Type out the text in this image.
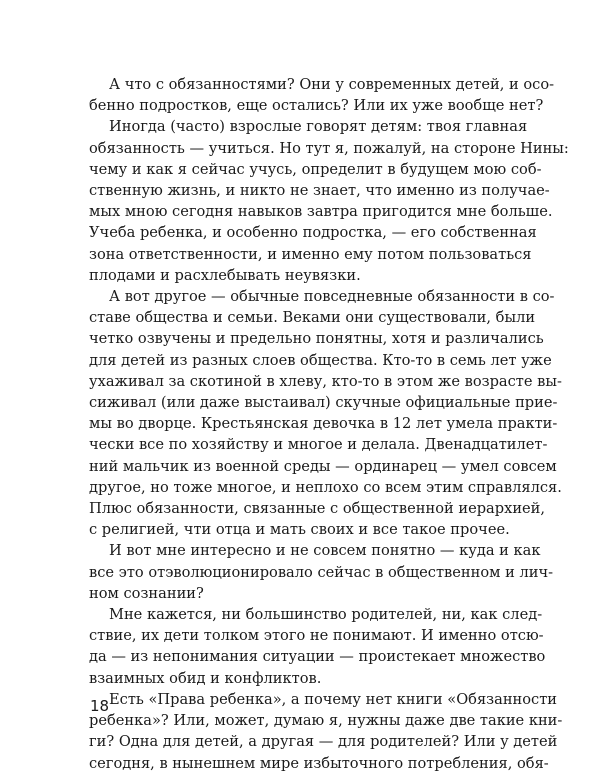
А что с обязанностями? Они у современных детей, и осо-
бенно подростков, еще остались? Или их уже вообще нет?
Иногда (часто) взрослые говорят детям: твоя главная
обязанность — учиться. Но тут я, пожалуй, на стороне Нины:
чему и как я сейчас учусь, определит в будущем мою соб-
ственную жизнь, и никто не знает, что именно из получае-
мых мною сегодня навыков завтра пригодится мне больше.
Учеба ребенка, и особенно подростка, — его собственная
зона ответственности, и именно ему потом пользоваться
плодами и расхлебывать неувязки.
А вот другое — обычные повседневные обязанности в со-
ставе общества и семьи. Веками они существовали, были
четко озвучены и предельно понятны, хотя и различались
для детей из разных слоев общества. Кто-то в семь лет уже
ухаживал за скотиной в хлеву, кто-то в этом же возрасте вы-
сиживал (или даже выстаивал) скучные официальные прие-
мы во дворце. Крестьянская девочка в 12 лет умела практи-
чески все по хозяйству и многое и делала. Двенадцатилет-
ний мальчик из военной среды — ординарец — умел совсем
другое, но тоже многое, и неплохо со всем этим справлялся.
Плюс обязанности, связанные с общественной иерархией,
с религией, чти отца и мать своих и все такое прочее.
И вот мне интересно и не совсем понятно — куда и как
все это отэволюционировало сейчас в общественном и лич-
ном сознании?
Мне кажется, ни большинство родителей, ни, как след-
ствие, их дети толком этого не понимают. И именно отсю-
да — из непонимания ситуации — проистекает множество
взаимных обид и конфликтов.
Есть «Права ребенка», а почему нет книги «Обязанности
ребенка»? Или, может, думаю я, нужны даже две такие кни-
ги? Одна для детей, а другая — для родителей? Или у детей
сегодня, в нынешнем мире избыточного потребления, обя-
18
